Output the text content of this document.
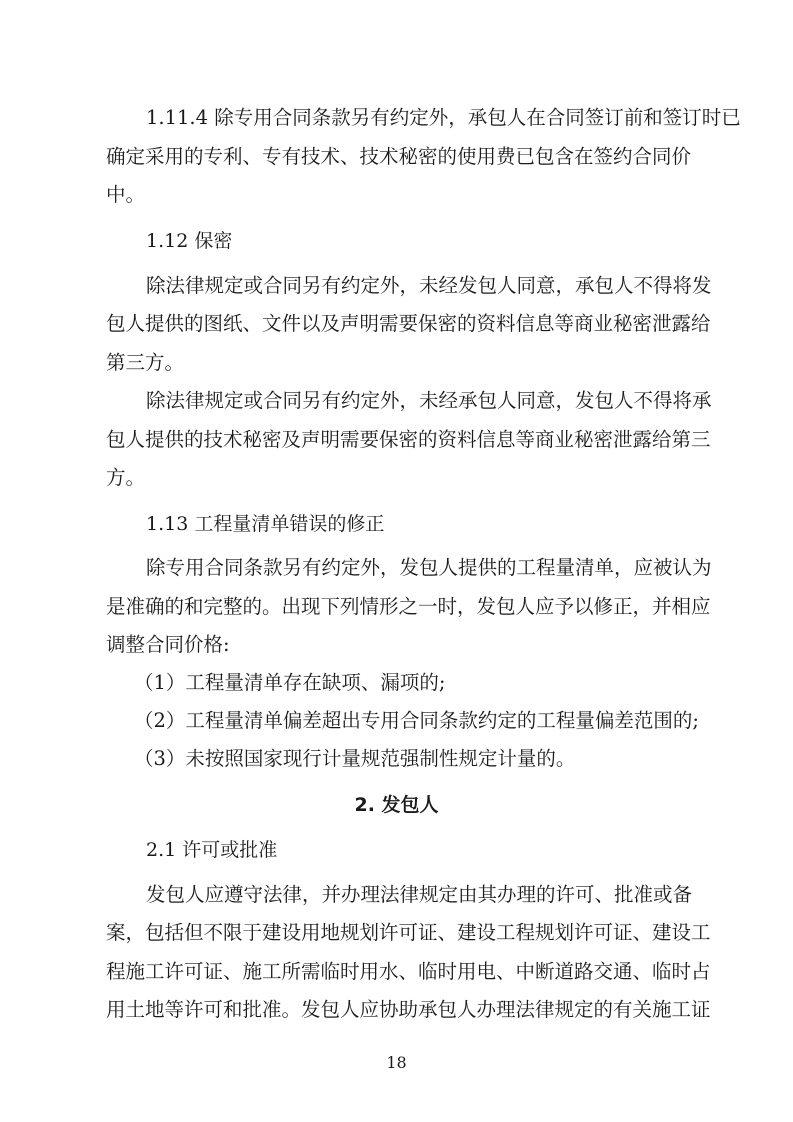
1.11.4 除专用合同条款另有约定外，承包人在合同签订前和签订时已
确定采用的专利、专有技术、技术秘密的使用费已包含在签约合同价
中。
1.12 保密
除法律规定或合同另有约定外，未经发包人同意，承包人不得将发
包人提供的图纸、文件以及声明需要保密的资料信息等商业秘密泄露给
第三方。
除法律规定或合同另有约定外，未经承包人同意，发包人不得将承
包人提供的技术秘密及声明需要保密的资料信息等商业秘密泄露给第三
方。
1.13 工程量清单错误的修正
除专用合同条款另有约定外，发包人提供的工程量清单，应被认为
是准确的和完整的。出现下列情形之一时，发包人应予以修正，并相应
调整合同价格:
（1）工程量清单存在缺项、漏项的;
（2）工程量清单偏差超出专用合同条款约定的工程量偏差范围的;
（3）未按照国家现行计量规范强制性规定计量的。
2. 发包人
2.1 许可或批准
发包人应遵守法律，并办理法律规定由其办理的许可、批准或备
案，包括但不限于建设用地规划许可证、建设工程规划许可证、建设工
程施工许可证、施工所需临时用水、临时用电、中断道路交通、临时占
用土地等许可和批准。发包人应协助承包人办理法律规定的有关施工证
18
